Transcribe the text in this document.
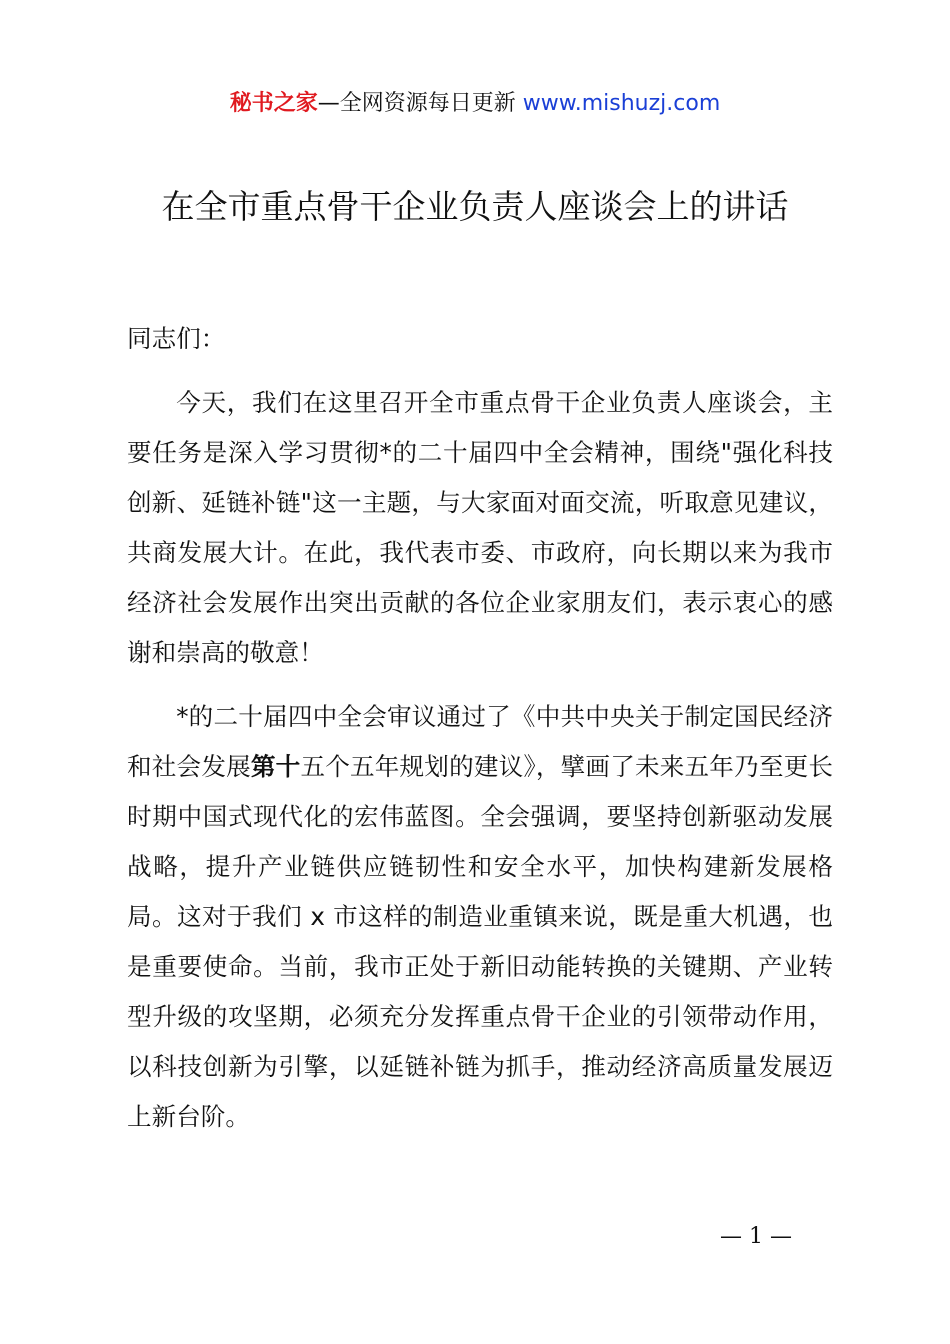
秘书之家—全网资源每日更新 www.mishuzj.com
在全市重点骨干企业负责人座谈会上的讲话

同志们：

今天，我们在这里召开全市重点骨干企业负责人座谈会，主要任务是深入学习贯彻*的二十届四中全会精神，围绕"强化科技创新、延链补链"这一主题，与大家面对面交流，听取意见建议，共商发展大计。在此，我代表市委、市政府，向长期以来为我市经济社会发展作出突出贡献的各位企业家朋友们，表示衷心的感谢和崇高的敬意！

*的二十届四中全会审议通过了《中共中央关于制定国民经济和社会发展第十五个五年规划的建议》，擘画了未来五年乃至更长时期中国式现代化的宏伟蓝图。全会强调，要坚持创新驱动发展战略，提升产业链供应链韧性和安全水平，加快构建新发展格局。这对于我们 x 市这样的制造业重镇来说，既是重大机遇，也是重要使命。当前，我市正处于新旧动能转换的关键期、产业转型升级的攻坚期，必须充分发挥重点骨干企业的引领带动作用，以科技创新为引擎，以延链补链为抓手，推动经济高质量发展迈上新台阶。

— 1 —
